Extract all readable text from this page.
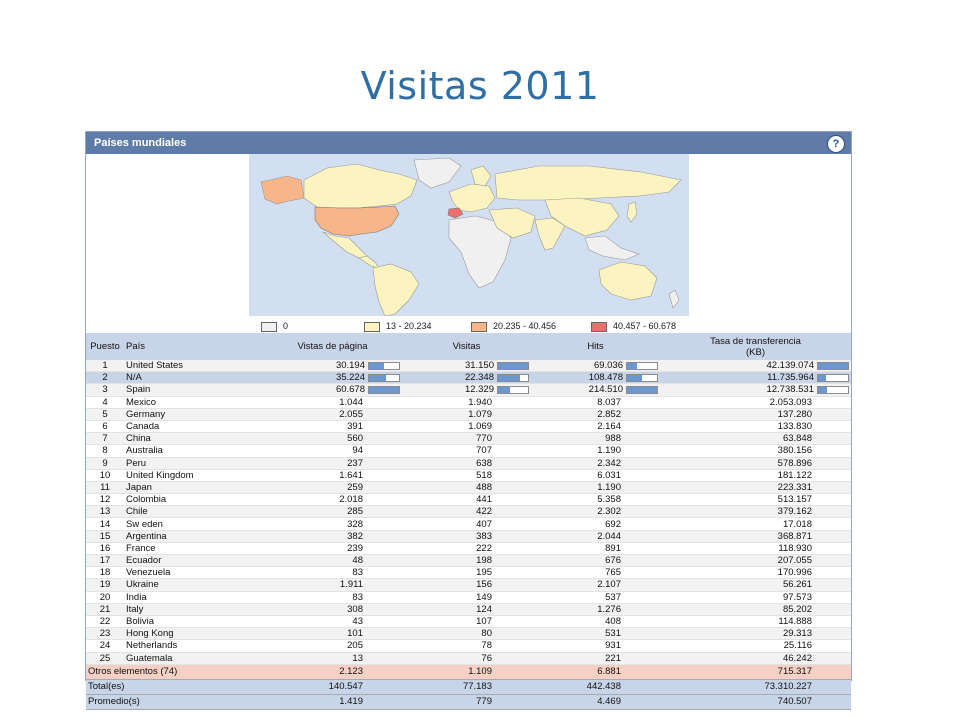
Visitas 2011
Países mundiales	?
0	13 - 20.234	20.235 - 40.456	40.457 - 60.678
Puesto	País	Vistas de página	Visitas	Hits	Tasa de transferencia
(KB)
1	United States	30.194	31.150	69.036	42.139.074

2	N/A	35.224	22.348	108.478	11.735.964

3	Spain	60.678	12.329	214.510	12.738.531

4	Mexico	1.044	1.940	8.037	2.053.093
5	Germany	2.055	1.079	2.852	137.280
6	Canada	391	1.069	2.164	133.830
7	China	560	770	988	63.848
8	Australia	94	707	1.190	380.156
9	Peru	237	638	2.342	578.896
10	United Kingdom	1.641	518	6.031	181.122
11	Japan	259	488	1.190	223.331
12	Colombia	2.018	441	5.358	513.157
13	Chile	285	422	2.302	379.162
14	Sw eden	328	407	692	17.018
15	Argentina	382	383	2.044	368.871
16	France	239	222	891	118.930
17	Ecuador	48	198	676	207.055
18	Venezuela	83	195	765	170.996
19	Ukraine	1.911	156	2.107	56.261
20	India	83	149	537	97.573
21	Italy	308	124	1.276	85.202
22	Bolivia	43	107	408	114.888
23	Hong Kong	101	80	531	29.313
24	Netherlands	205	78	931	25.116
25	Guatemala	13	76	221	46.242
Otros elementos (74)		2.123	1.109	6.881	715.317
Total(es)		140.547	77.183	442.438	73.310.227
Promedio(s)		1.419	779	4.469	740.507
